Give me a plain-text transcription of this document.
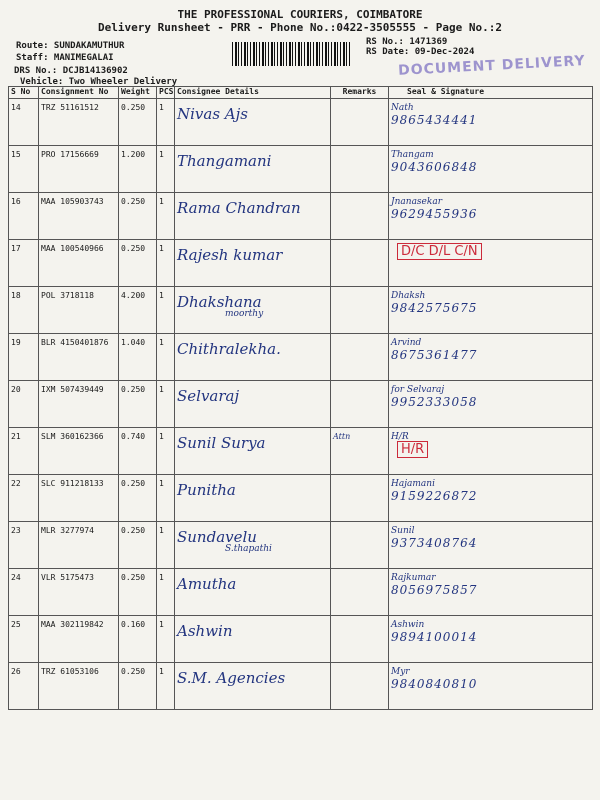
THE PROFESSIONAL COURIERS, COIMBATORE
Delivery Runsheet - PRR - Phone No.:0422-3505555 - Page No.:2
Route: SUNDAKAMUTHUR
Staff: MANIMEGALAI
DRS No.: DCJB14136902
Vehicle: Two Wheeler Delivery
RS No.: 1471369
RS Date: 09-Dec-2024
DOCUMENT DELIVERY
S No	Consignment No	Weight	PCS	Consignee Details	Remarks	Seal & Signature
14	TRZ 51161512	0.250	1	Nivas Ajs		Nath
9865434441

15	PRO 17156669	1.200	1	Thangamani		Thangam
9043606848

16	MAA 105903743	0.250	1	Rama Chandran		Jnanasekar
9629455936

17	MAA 100540966	0.250	1	Rajesh kumar		D/C D/L C/N
18	POL 3718118	4.200	1	Dhakshana
moorthy		Dhaksh
9842575675

19	BLR 4150401876	1.040	1	Chithralekha.		Arvind
8675361477

20	IXM 507439449	0.250	1	Selvaraj		for Selvaraj
9952333058

21	SLM 360162366	0.740	1	Sunil Surya	Attn	H/R
H/R
22	SLC 911218133	0.250	1	Punitha		Hajamani
9159226872

23	MLR 3277974	0.250	1	Sundavelu
S.thapathi		Sunil
9373408764

24	VLR 5175473	0.250	1	Amutha		Rajkumar
8056975857

25	MAA 302119842	0.160	1	Ashwin		Ashwin
9894100014

26	TRZ 61053106	0.250	1	S.M. Agencies		Myr
9840840810
